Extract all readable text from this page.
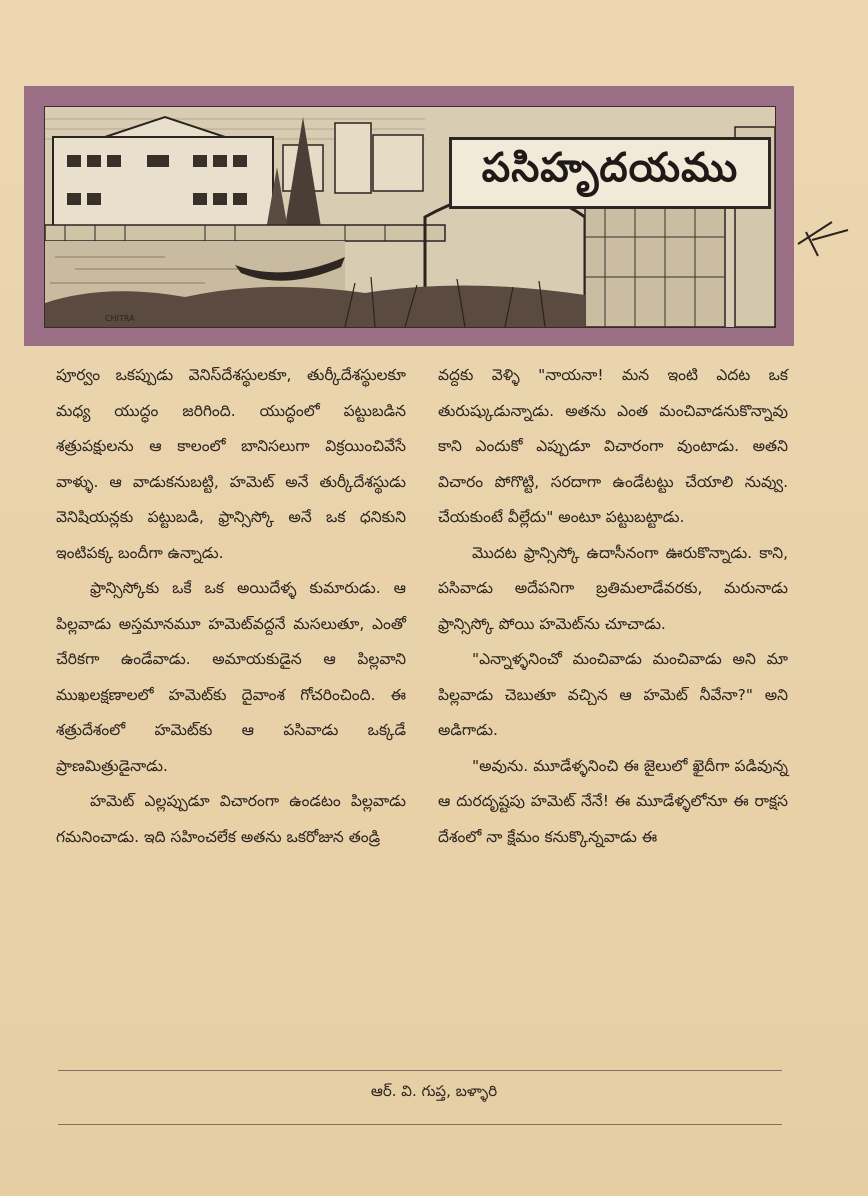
CHITRA
పసిహృదయము

పూర్వం ఒకప్పుడు వెనిస్‌దేశస్థులకూ, తుర్కీదేశస్థులకూ మధ్య యుద్ధం జరిగింది. యుద్ధంలో పట్టుబడిన శత్రుపక్షులను ఆ కాలంలో బానిసలుగా విక్రయించివేసే వాళ్ళు. ఆ వాడుకనుబట్టి, హమెట్ అనే తుర్కీదేశస్థుడు వెనిషియన్లకు పట్టుబడి, ఫ్రాన్సిస్కో అనే ఒక ధనికుని ఇంటిపక్క బందీగా ఉన్నాడు.

ఫ్రాన్సిస్కోకు ఒకే ఒక అయిదేళ్ళ కుమారుడు. ఆ పిల్లవాడు అస్తమానమూ హమెట్‌వద్దనే మసలుతూ, ఎంతో చేరికగా ఉండేవాడు. అమాయకుడైన ఆ పిల్లవాని ముఖలక్షణాలలో హమెట్‌కు దైవాంశ గోచరించింది. ఈ శత్రుదేశంలో హమెట్‌కు ఆ పసివాడు ఒక్కడే ప్రాణమిత్రుడైనాడు.

హమెట్ ఎల్లప్పుడూ విచారంగా ఉండటం పిల్లవాడు గమనించాడు. ఇది సహించలేక అతను ఒకరోజున తండ్రి

వద్దకు వెళ్ళి "నాయనా! మన ఇంటి ఎదట ఒక తురుష్కుడున్నాడు. అతను ఎంత మంచివాడనుకొన్నావు కాని ఎందుకో ఎప్పుడూ విచారంగా వుంటాడు. అతని విచారం పోగొట్టి, సరదాగా ఉండేటట్టు చేయాలి నువ్వు. చేయకుంటే వీల్లేదు" అంటూ పట్టుబట్టాడు.

మొదట ఫ్రాన్సిస్కో ఉదాసీనంగా ఊరుకొన్నాడు. కాని, పసివాడు అదేపనిగా బ్రతిమలాడేవరకు, మరునాడు ఫ్రాన్సిస్కో పోయి హమెట్‌ను చూచాడు.

"ఎన్నాళ్ళనించో మంచివాడు మంచివాడు అని మా పిల్లవాడు చెబుతూ వచ్చిన ఆ హమెట్ నీవేనా?" అని అడిగాడు.

"అవును. మూడేళ్ళనించి ఈ జైలులో ఖైదీగా పడివున్న ఆ దురదృష్టపు హమెట్ నేనే! ఈ మూడేళ్ళలోనూ ఈ రాక్షస దేశంలో నా క్షేమం కనుక్కొన్నవాడు ఈ

ఆర్. వి. గుప్త, బళ్ళారి
